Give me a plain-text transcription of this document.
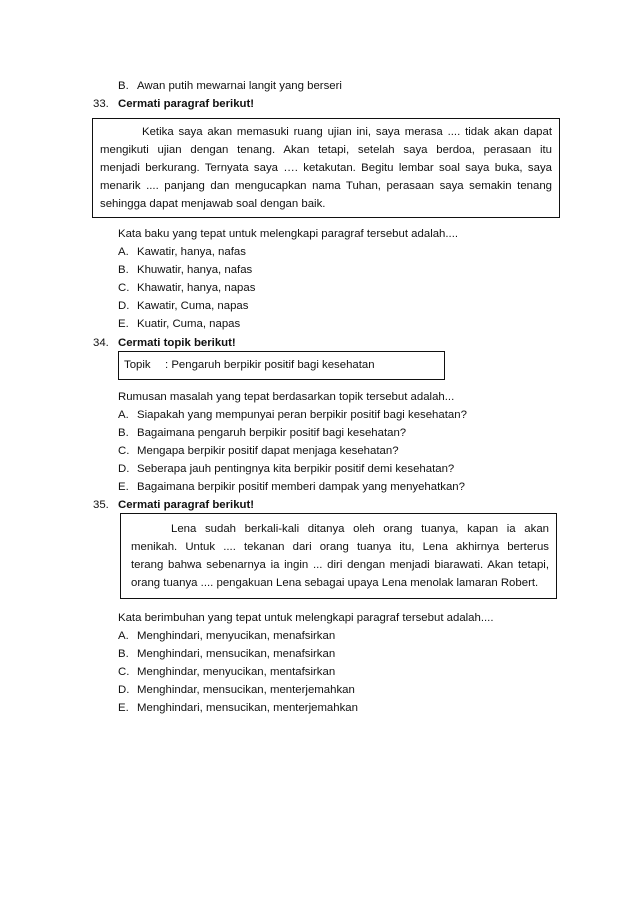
B. Awan putih mewarnai langit yang berseri
33. Cermati paragraf berikut!
Ketika saya akan memasuki ruang ujian ini, saya merasa .... tidak akan dapat
mengikuti ujian dengan tenang. Akan tetapi, setelah saya berdoa, perasaan itu
menjadi berkurang. Ternyata saya …. ketakutan. Begitu lembar soal saya buka, saya
menarik .... panjang dan mengucapkan nama Tuhan, perasaan saya semakin tenang
sehingga dapat menjawab soal dengan baik.
Kata baku yang tepat untuk melengkapi paragraf tersebut adalah....
A. Kawatir, hanya, nafas
B. Khuwatir, hanya, nafas
C. Khawatir, hanya, napas
D. Kawatir, Cuma, napas
E. Kuatir, Cuma, napas
34. Cermati topik berikut!
Topik : Pengaruh berpikir positif bagi kesehatan
Rumusan masalah yang tepat berdasarkan topik tersebut adalah...
A. Siapakah yang mempunyai peran berpikir positif bagi kesehatan?
B. Bagaimana pengaruh berpikir positif bagi kesehatan?
C. Mengapa berpikir positif dapat menjaga kesehatan?
D. Seberapa jauh pentingnya kita berpikir positif demi kesehatan?
E. Bagaimana berpikir positif memberi dampak yang menyehatkan?
35. Cermati paragraf berikut!
Lena sudah berkali-kali ditanya oleh orang tuanya, kapan ia akan
menikah. Untuk .... tekanan dari orang tuanya itu, Lena akhirnya berterus
terang bahwa sebenarnya ia ingin ... diri dengan menjadi biarawati. Akan tetapi,
orang tuanya .... pengakuan Lena sebagai upaya Lena menolak lamaran Robert.
Kata berimbuhan yang tepat untuk melengkapi paragraf tersebut adalah....
A. Menghindari, menyucikan, menafsirkan
B. Menghindari, mensucikan, menafsirkan
C. Menghindar, menyucikan, mentafsirkan
D. Menghindar, mensucikan, menterjemahkan
E. Menghindari, mensucikan, menterjemahkan
